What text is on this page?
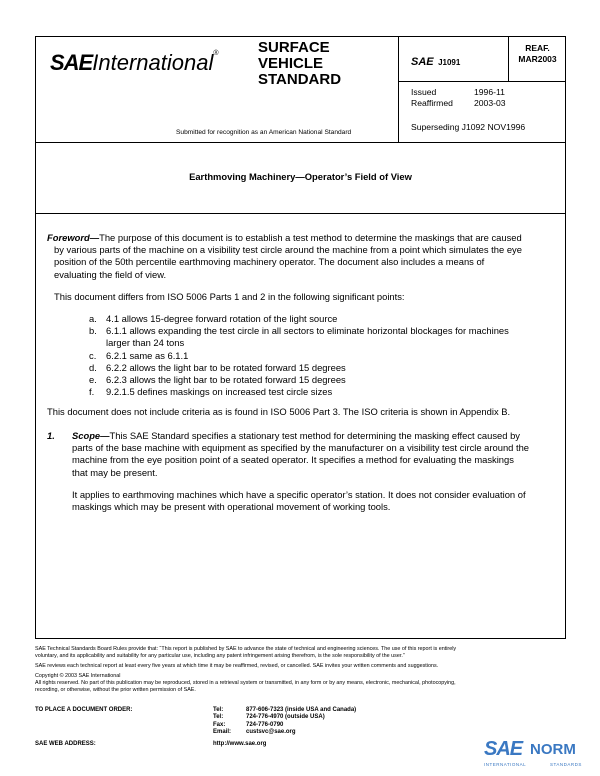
SAEInternational®	SURFACE
VEHICLE
STANDARD
Submitted for recognition as an American National Standard
SAE J1091
REAF.
MAR2003
Issued	1996-11
Reaffirmed 2003-03
Superseding J1092 NOV1996
Earthmoving Machinery—Operator’s Field of View
Foreword—The purpose of this document is to establish a test method to determine the maskings that are caused
by various parts of the machine on a visibility test circle around the machine from a point which simulates the eye
position of the 50th percentile earthmoving machinery operator. The document also includes a means of
evaluating the field of view.
This document differs from ISO 5006 Parts 1 and 2 in the following significant points:
a. 4.1 allows 15-degree forward rotation of the light source
b. 6.1.1 allows expanding the test circle in all sectors to eliminate horizontal blockages for machines
larger than 24 tons
c. 6.2.1 same as 6.1.1
d. 6.2.2 allows the light bar to be rotated forward 15 degrees
e. 6.2.3 allows the light bar to be rotated forward 15 degrees
f. 9.2.1.5 defines maskings on increased test circle sizes
This document does not include criteria as is found in ISO 5006 Part 3. The ISO criteria is shown in Appendix B.
1. Scope—This SAE Standard specifies a stationary test method for determining the masking effect caused by
parts of the base machine with equipment as specified by the manufacturer on a visibility test circle around the
machine from the eye position point of a seated operator. It specifies a method for evaluating the maskings
that may be present.
It applies to earthmoving machines which have a specific operator’s station. It does not consider evaluation of
maskings which may be present with operational movement of working tools.
SAE Technical Standards Board Rules provide that: “This report is published by SAE to advance the state of technical and engineering sciences. The use of this report is entirely
voluntary, and its applicability and suitability for any particular use, including any patent infringement arising therefrom, is the sole responsibility of the user.”
SAE reviews each technical report at least every five years at which time it may be reaffirmed, revised, or cancelled. SAE invites your written comments and suggestions.
Copyright © 2003 SAE International
All rights reserved. No part of this publication may be reproduced, stored in a retrieval system or transmitted, in any form or by any means, electronic, mechanical, photocopying,
recording, or otherwise, without the prior written permission of SAE.
TO PLACE A DOCUMENT ORDER:	Tel:	877-606-7323 (inside USA and Canada)
Tel:	724-776-4970 (outside USA)
Fax:	724-776-0790
Email: custsvc@sae.org
SAE WEB ADDRESS:	http://www.sae.org	SAE NORM
INTERNATIONAL	STANDARDS
